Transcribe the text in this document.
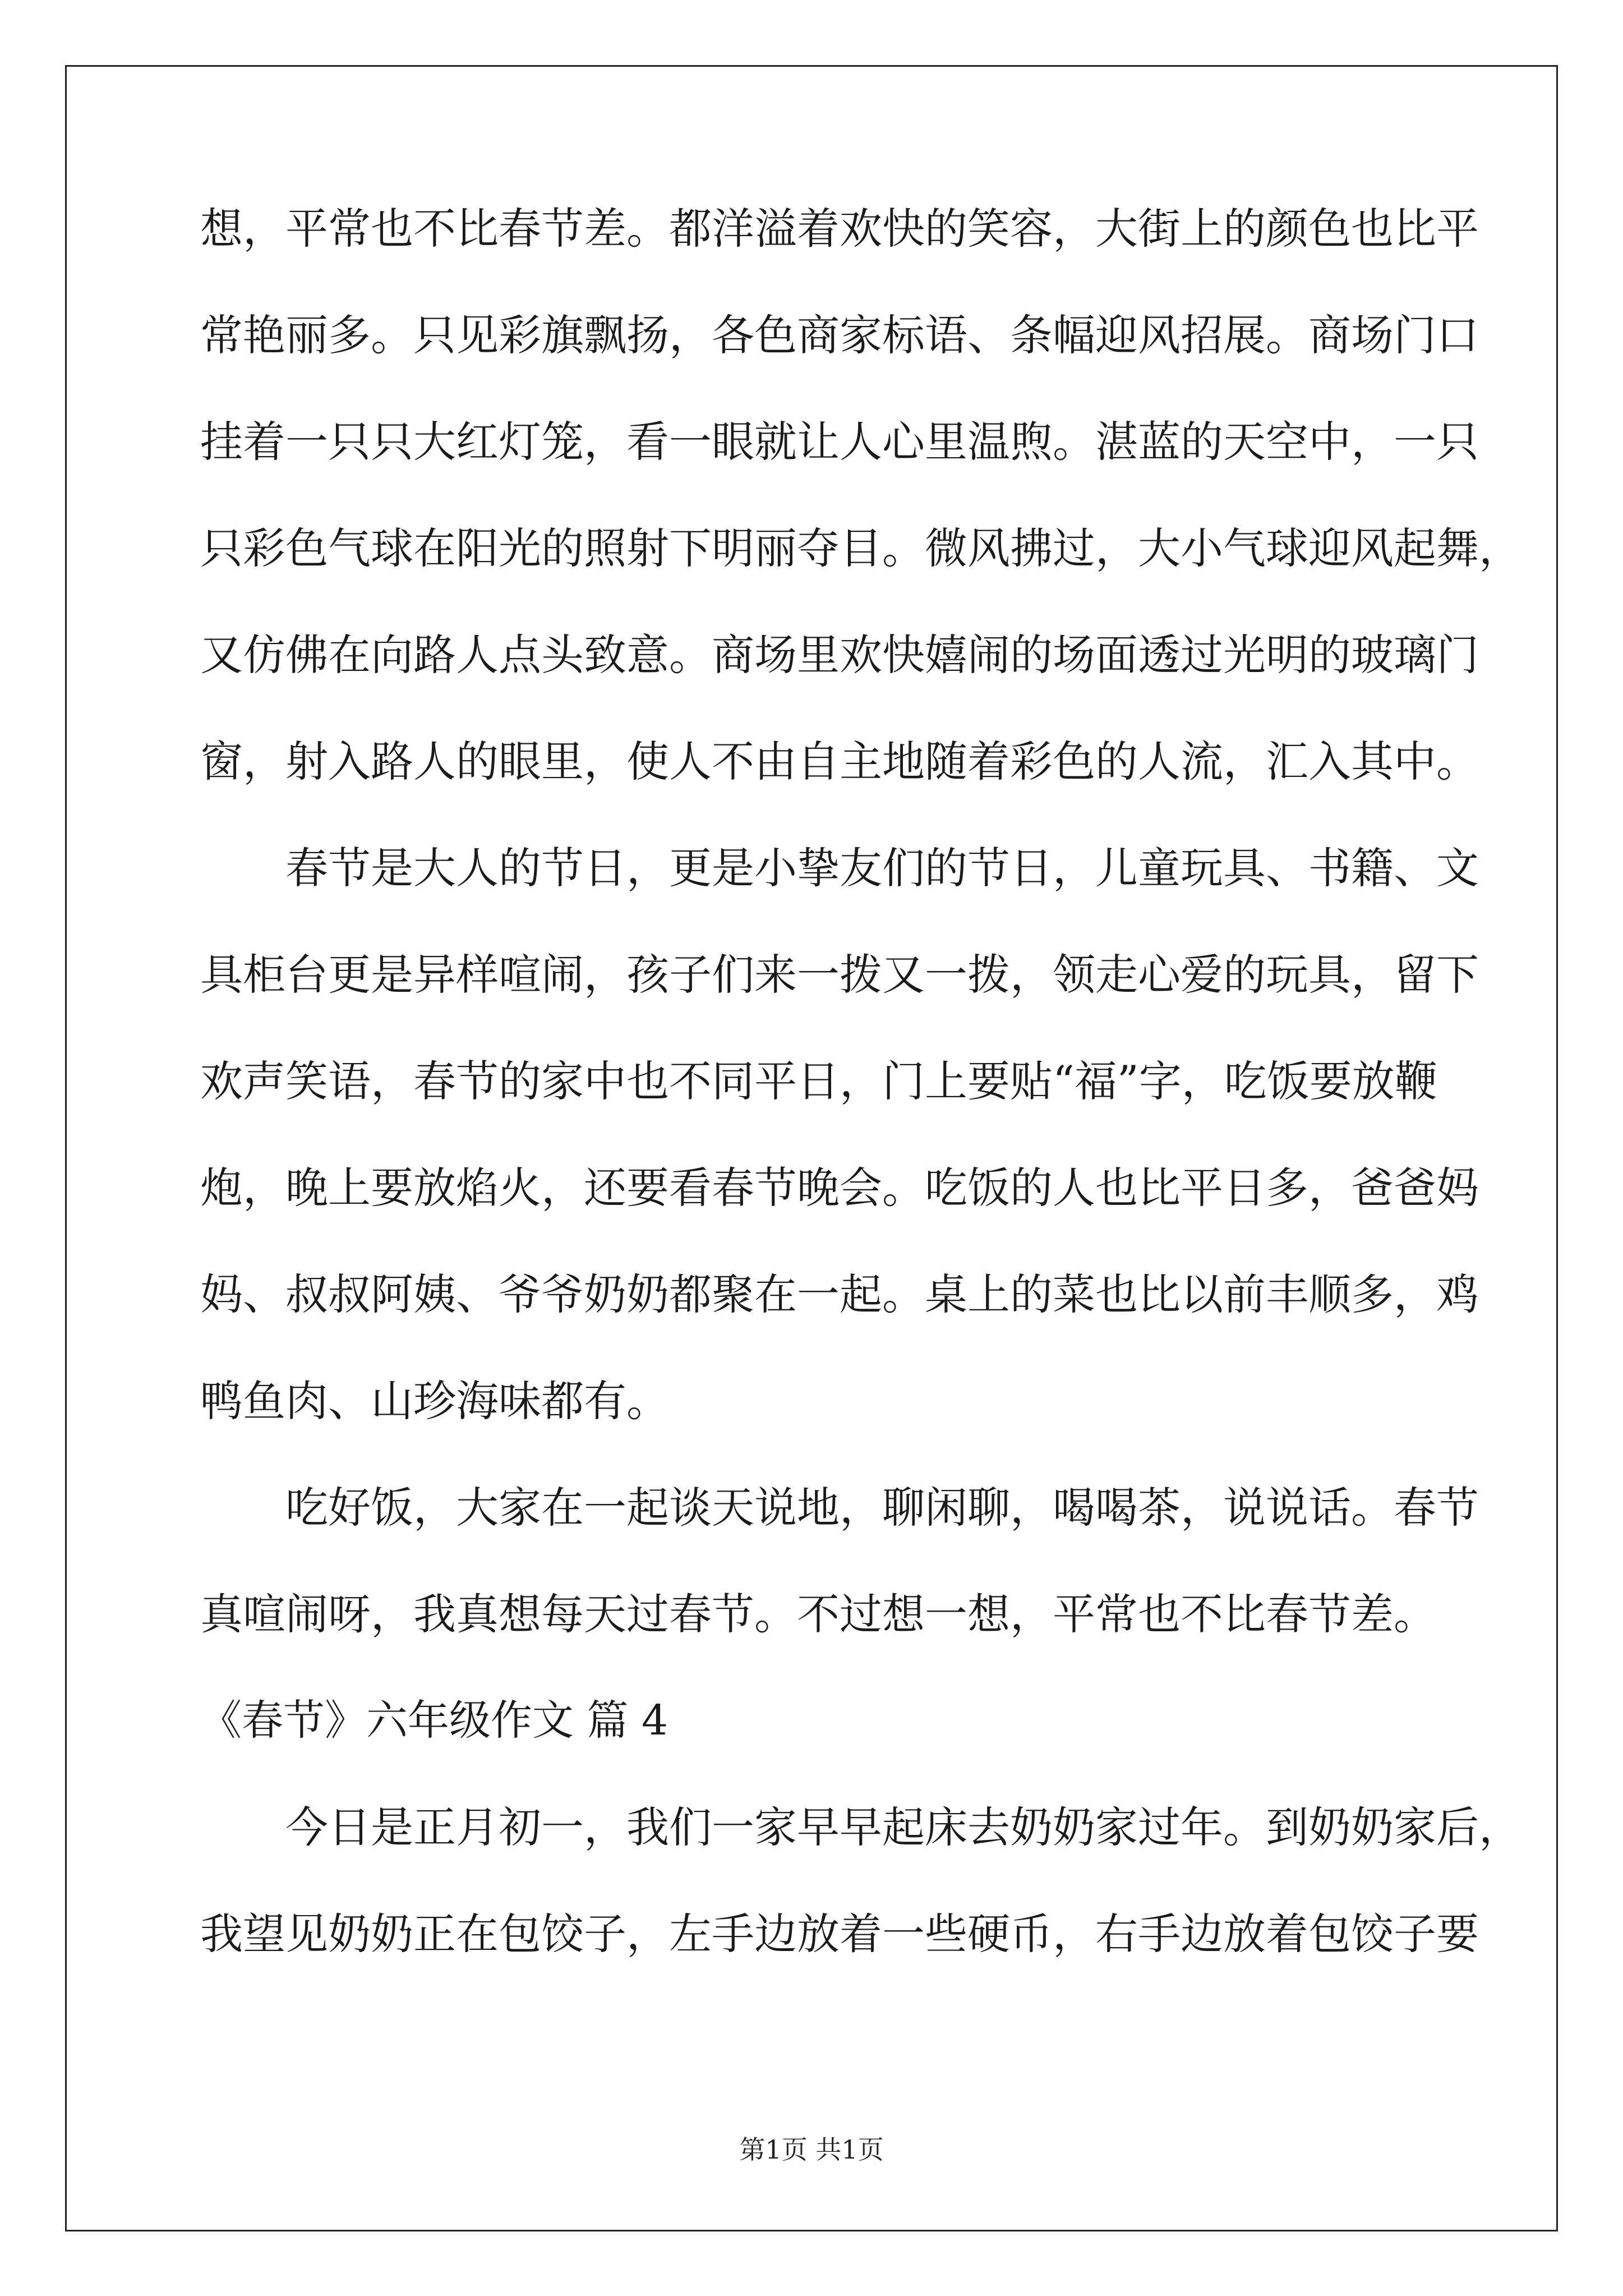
想，平常也不比春节差。都洋溢着欢快的笑容，大街上的颜色也比平
常艳丽多。只见彩旗飘扬，各色商家标语、条幅迎风招展。商场门口
挂着一只只大红灯笼，看一眼就让人心里温煦。湛蓝的天空中，一只
只彩色气球在阳光的照射下明丽夺目。微风拂过，大小气球迎风起舞，
又仿佛在向路人点头致意。商场里欢快嬉闹的场面透过光明的玻璃门
窗，射入路人的眼里，使人不由自主地随着彩色的人流，汇入其中。
春节是大人的节日，更是小挚友们的节日，儿童玩具、书籍、文
具柜台更是异样喧闹，孩子们来一拨又一拨，领走心爱的玩具，留下
欢声笑语，春节的家中也不同平日，门上要贴“福”字，吃饭要放鞭
炮，晚上要放焰火，还要看春节晚会。吃饭的人也比平日多，爸爸妈
妈、叔叔阿姨、爷爷奶奶都聚在一起。桌上的菜也比以前丰顺多，鸡
鸭鱼肉、山珍海味都有。
吃好饭，大家在一起谈天说地，聊闲聊，喝喝茶，说说话。春节
真喧闹呀，我真想每天过春节。不过想一想，平常也不比春节差。
《春节》六年级作文 篇 4
今日是正月初一，我们一家早早起床去奶奶家过年。到奶奶家后，
我望见奶奶正在包饺子，左手边放着一些硬币，右手边放着包饺子要
第1页 共1页
